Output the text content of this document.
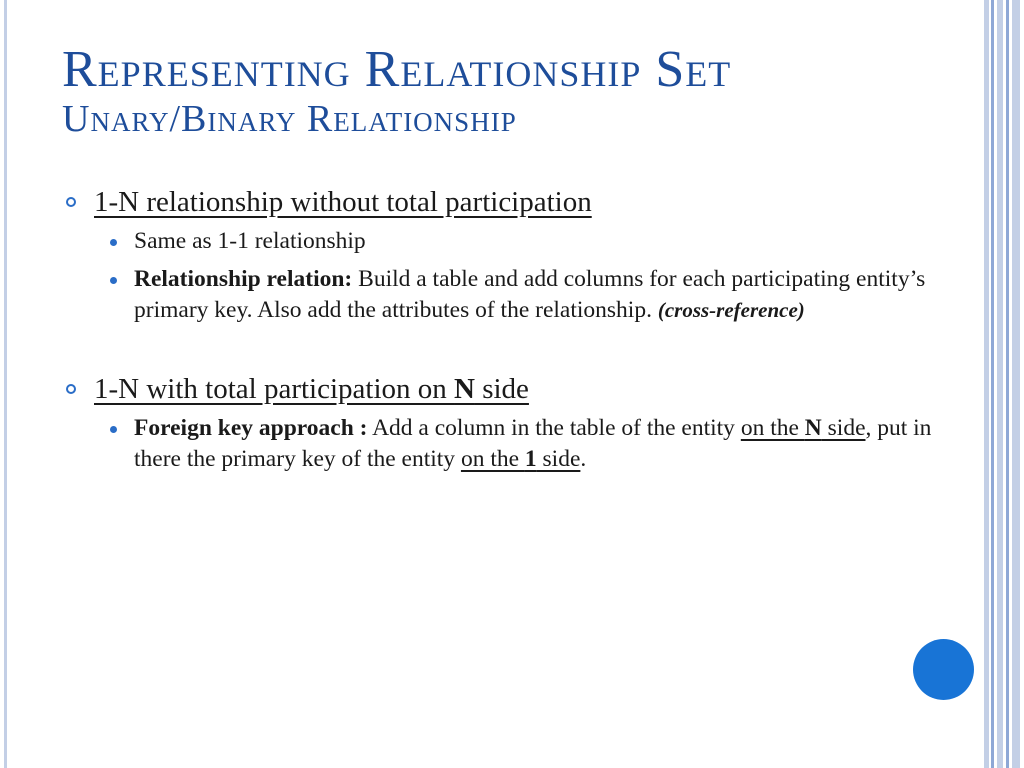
Representing Relationship Set
Unary/Binary Relationship
1-N relationship without total participation
Same as 1-1 relationship
Relationship relation: Build a table and add columns for each participating entity’s primary key. Also add the attributes of the relationship. (cross-reference)
1-N with total participation on N side
Foreign key approach : Add a column in the table of the entity on the N side, put in there the primary key of the entity on the 1 side.
